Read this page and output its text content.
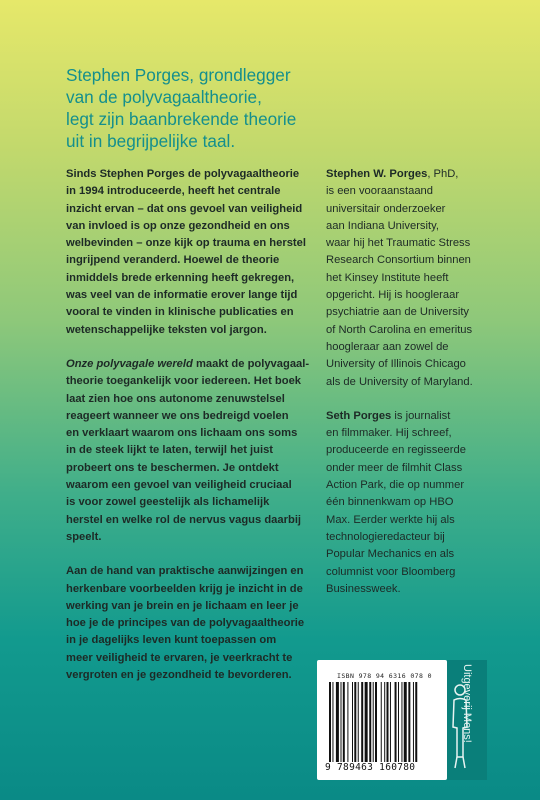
Stephen Porges, grondlegger
van de polyvagaaltheorie,
legt zijn baanbrekende theorie
uit in begrijpelijke taal.
Sinds Stephen Porges de polyvagaaltheorie
in 1994 introduceerde, heeft het centrale
inzicht ervan – dat ons gevoel van veiligheid
van invloed is op onze gezondheid en ons
welbevinden – onze kijk op trauma en herstel
ingrijpend veranderd. Hoewel de theorie
inmiddels brede erkenning heeft gekregen,
was veel van de informatie erover lange tijd
vooral te vinden in klinische publicaties en
wetenschappelijke teksten vol jargon.
Onze polyvagale wereld maakt de polyvagaal-
theorie toegankelijk voor iedereen. Het boek
laat zien hoe ons autonome zenuwstelsel
reageert wanneer we ons bedreigd voelen
en verklaart waarom ons lichaam ons soms
in de steek lijkt te laten, terwijl het juist
probeert ons te beschermen. Je ontdekt
waarom een gevoel van veiligheid cruciaal
is voor zowel geestelijk als lichamelijk
herstel en welke rol de nervus vagus daarbij
speelt.
Aan de hand van praktische aanwijzingen en
herkenbare voorbeelden krijg je inzicht in de
werking van je brein en je lichaam en leer je
hoe je de principes van de polyvagaaltheorie
in je dagelijks leven kunt toepassen om
meer veiligheid te ervaren, je veerkracht te
vergroten en je gezondheid te bevorderen.
Stephen W. Porges, PhD,
is een vooraanstaand
universitair onderzoeker
aan Indiana University,
waar hij het Traumatic Stress
Research Consortium binnen
het Kinsey Institute heeft
opgericht. Hij is hoogleraar
psychiatrie aan de University
of North Carolina en emeritus
hoogleraar aan zowel de
University of Illinois Chicago
als de University of Maryland.
Seth Porges is journalist
en filmmaker. Hij schreef,
produceerde en regisseerde
onder meer de filmhit Class
Action Park, die op nummer
één binnenkwam op HBO
Max. Eerder werkte hij als
technologieredacteur bij
Popular Mechanics en als
columnist voor Bloomberg
Businessweek.
ISBN 978 94 6316 078 0
9 789463 160780
Uitgeverij Mens!
